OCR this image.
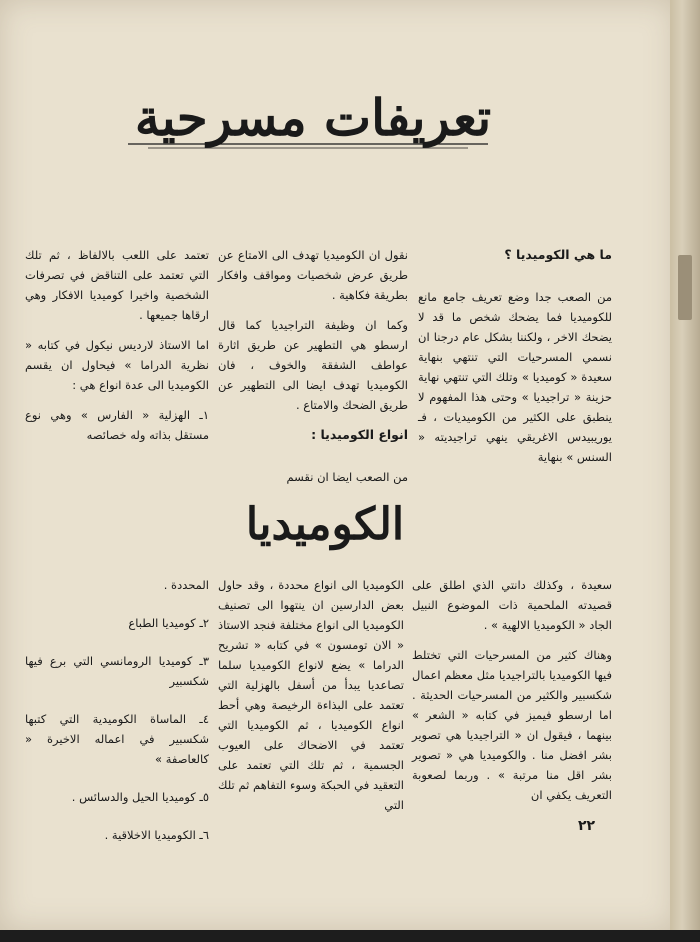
تعريفات مسرحية

ما هي الكوميديا ؟

من الصعب جدا وضع تعريف جامع مانع للكوميديا فما يضحك شخص ما قد لا يضحك الاخر ، ولكننا بشكل عام درجنا ان نسمي المسرحيات التي تنتهي بنهاية سعيدة « كوميديا » وتلك التي تنتهي نهاية حزينة « تراجيديا » وحتى هذا المفهوم لا ينطبق على الكثير من الكوميديات ، فـ يوريبيدس الاغريقي ينهي تراجيديته « السنس » بنهاية

نقول ان الكوميديا تهدف الى الامتاع عن طريق عرض شخصيات ومواقف وافكار بطريقة فكاهية .

وكما ان وظيفة التراجيديا كما قال ارسطو هي التطهير عن طريق اثارة عواطف الشفقة والخوف ، فان الكوميديا تهدف ايضا الى التطهير عن طريق الضحك والامتاع .

انواع الكوميديا :

من الصعب ايضا ان نقسم

تعتمد على اللعب بالالفاظ ، ثم تلك التي تعتمد على التناقض في تصرفات الشخصية واخيرا كوميديا الافكار وهي ارقاها جميعها .

اما الاستاذ لارديس نيكول في كتابه « نظرية الدراما » فيحاول ان يقسم الكوميديا الى عدة انواع هي :

١ـ الهزلية « الفارس » وهي نوع مستقل بذاته وله خصائصه

الكوميديا

سعيدة ، وكذلك دانتي الذي اطلق على قصيدته الملحمية ذات الموضوع النبيل الجاد « الكوميديا الالهية » .

وهناك كثير من المسرحيات التي تختلط فيها الكوميديا بالتراجيديا مثل معظم اعمال شكسبير والكثير من المسرحيات الحديثة . اما ارسطو فيميز في كتابه « الشعر » بينهما ، فيقول ان « التراجيديا هي تصوير بشر افضل منا . والكوميديا هي « تصوير بشر اقل منا مرتبة » . وربما لصعوبة التعريف يكفي ان

الكوميديا الى انواع محددة ، وقد حاول بعض الدارسين ان ينتهوا الى تصنيف الكوميديا الى انواع مختلفة فنجد الاستاذ « الان تومسون » في كتابه « تشريح الدراما » يضع لانواع الكوميديا سلما تصاعديا يبدأ من أسفل بالهزلية التي تعتمد على البذاءة الرخيصة وهي أحط انواع الكوميديا ، ثم الكوميديا التي تعتمد في الاضحاك على العيوب الجسمية ، ثم تلك التي تعتمد على التعقيد في الحبكة وسوء التفاهم ثم تلك التي

المحددة .

٢ـ كوميديا الطباع

٣ـ كوميديا الرومانسي التي برع فيها شكسبير

٤ـ الماساة الكوميدية التي كتبها شكسبير في اعماله الاخيرة « كالعاصفة »

٥ـ كوميديا الحيل والدسائس .

٦ـ الكوميديا الاخلاقية .

٢٢
